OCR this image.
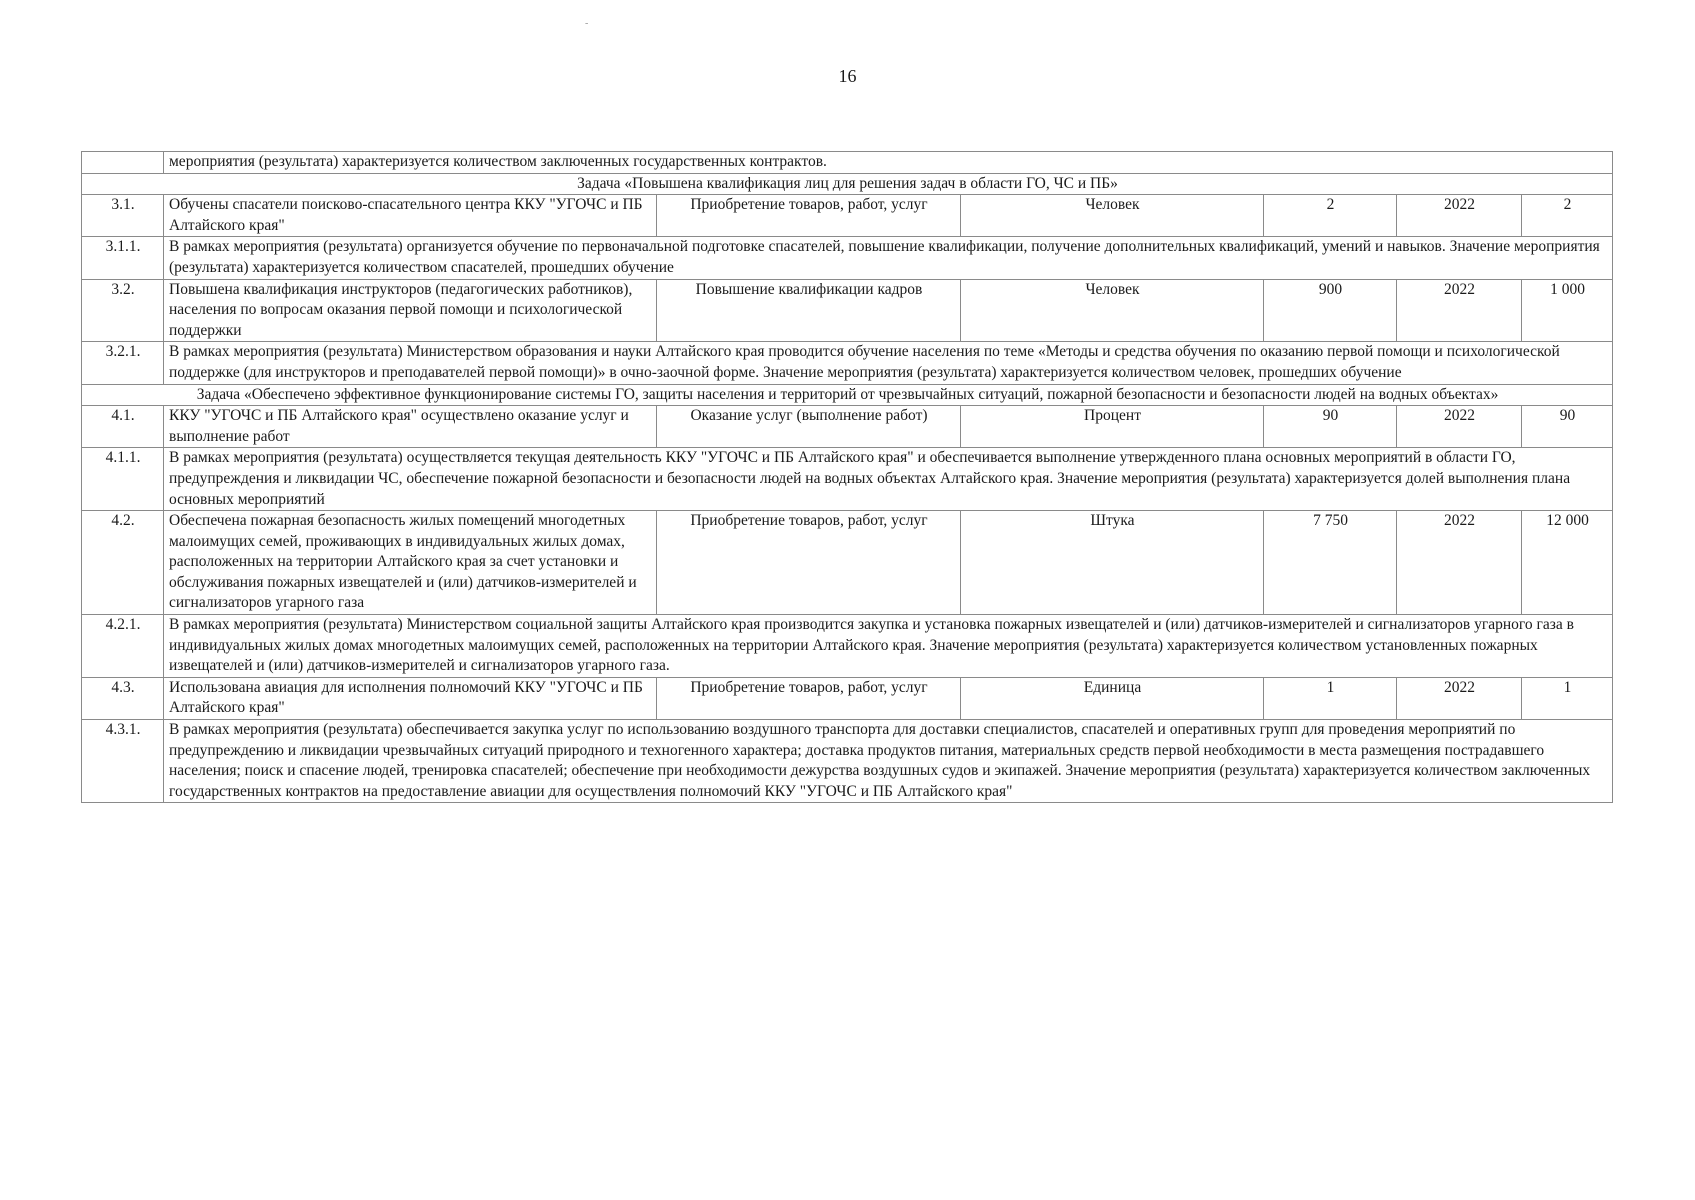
16
	мероприятия (результата) характеризуется количеством заключенных государственных контрактов.					
Задача «Повышена квалификация лиц для решения задач в области ГО, ЧС и ПБ»						
3.1.	Обучены спасатели поисково-спасательного центра ККУ "УГОЧС и ПБ Алтайского края"	Приобретение товаров, работ, услуг	Человек	2	2022	2
3.1.1.	В рамках мероприятия (результата) организуется обучение по первоначальной подготовке спасателей, повышение квалификации, получение дополнительных квалификаций, умений и навыков. Значение мероприятия (результата) характеризуется количеством спасателей, прошедших обучение					
3.2.	Повышена квалификация инструкторов (педагогических работников), населения по вопросам оказания первой помощи и психологической поддержки	Повышение квалификации кадров	Человек	900	2022	1 000
3.2.1.	В рамках мероприятия (результата) Министерством образования и науки Алтайского края проводится обучение населения по теме «Методы и средства обучения по оказанию первой помощи и психологической поддержке (для инструкторов и преподавателей первой помощи)» в очно-заочной форме. Значение мероприятия (результата) характеризуется количеством человек, прошедших обучение					
Задача «Обеспечено эффективное функционирование системы ГО, защиты населения и территорий от чрезвычайных ситуаций, пожарной безопасности и безопасности людей на водных объектах»						
4.1.	ККУ "УГОЧС и ПБ Алтайского края" осуществлено оказание услуг и выполнение работ	Оказание услуг (выполнение работ)	Процент	90	2022	90
4.1.1.	В рамках мероприятия (результата) осуществляется текущая деятельность ККУ "УГОЧС и ПБ Алтайского края" и обеспечивается выполнение утвержденного плана основных мероприятий в области ГО, предупреждения и ликвидации ЧС, обеспечение пожарной безопасности и безопасности людей на водных объектах Алтайского края. Значение мероприятия (результата) характеризуется долей выполнения плана основных мероприятий					
4.2.	Обеспечена пожарная безопасность жилых помещений многодетных малоимущих семей, проживающих в индивидуальных жилых домах, расположенных на территории Алтайского края за счет установки и обслуживания пожарных извещателей и (или) датчиков-измерителей и сигнализаторов угарного газа	Приобретение товаров, работ, услуг	Штука	7 750	2022	12 000
4.2.1.	В рамках мероприятия (результата) Министерством социальной защиты Алтайского края производится закупка и установка пожарных извещателей и (или) датчиков-измерителей и сигнализаторов угарного газа в индивидуальных жилых домах многодетных малоимущих семей, расположенных на территории Алтайского края. Значение мероприятия (результата) характеризуется количеством установленных пожарных извещателей и (или) датчиков-измерителей и сигнализаторов угарного газа.					
4.3.	Использована авиация для исполнения полномочий ККУ "УГОЧС и ПБ Алтайского края"	Приобретение товаров, работ, услуг	Единица	1	2022	1
4.3.1.	В рамках мероприятия (результата) обеспечивается закупка услуг по использованию воздушного транспорта для доставки специалистов, спасателей и оперативных групп для проведения мероприятий по предупреждению и ликвидации чрезвычайных ситуаций природного и техногенного характера; доставка продуктов питания, материальных средств первой необходимости в места размещения пострадавшего населения; поиск и спасение людей, тренировка спасателей; обеспечение при необходимости дежурства воздушных судов и экипажей. Значение мероприятия (результата) характеризуется количеством заключенных государственных контрактов на предоставление авиации для осуществления полномочий ККУ "УГОЧС и ПБ Алтайского края"					
-
